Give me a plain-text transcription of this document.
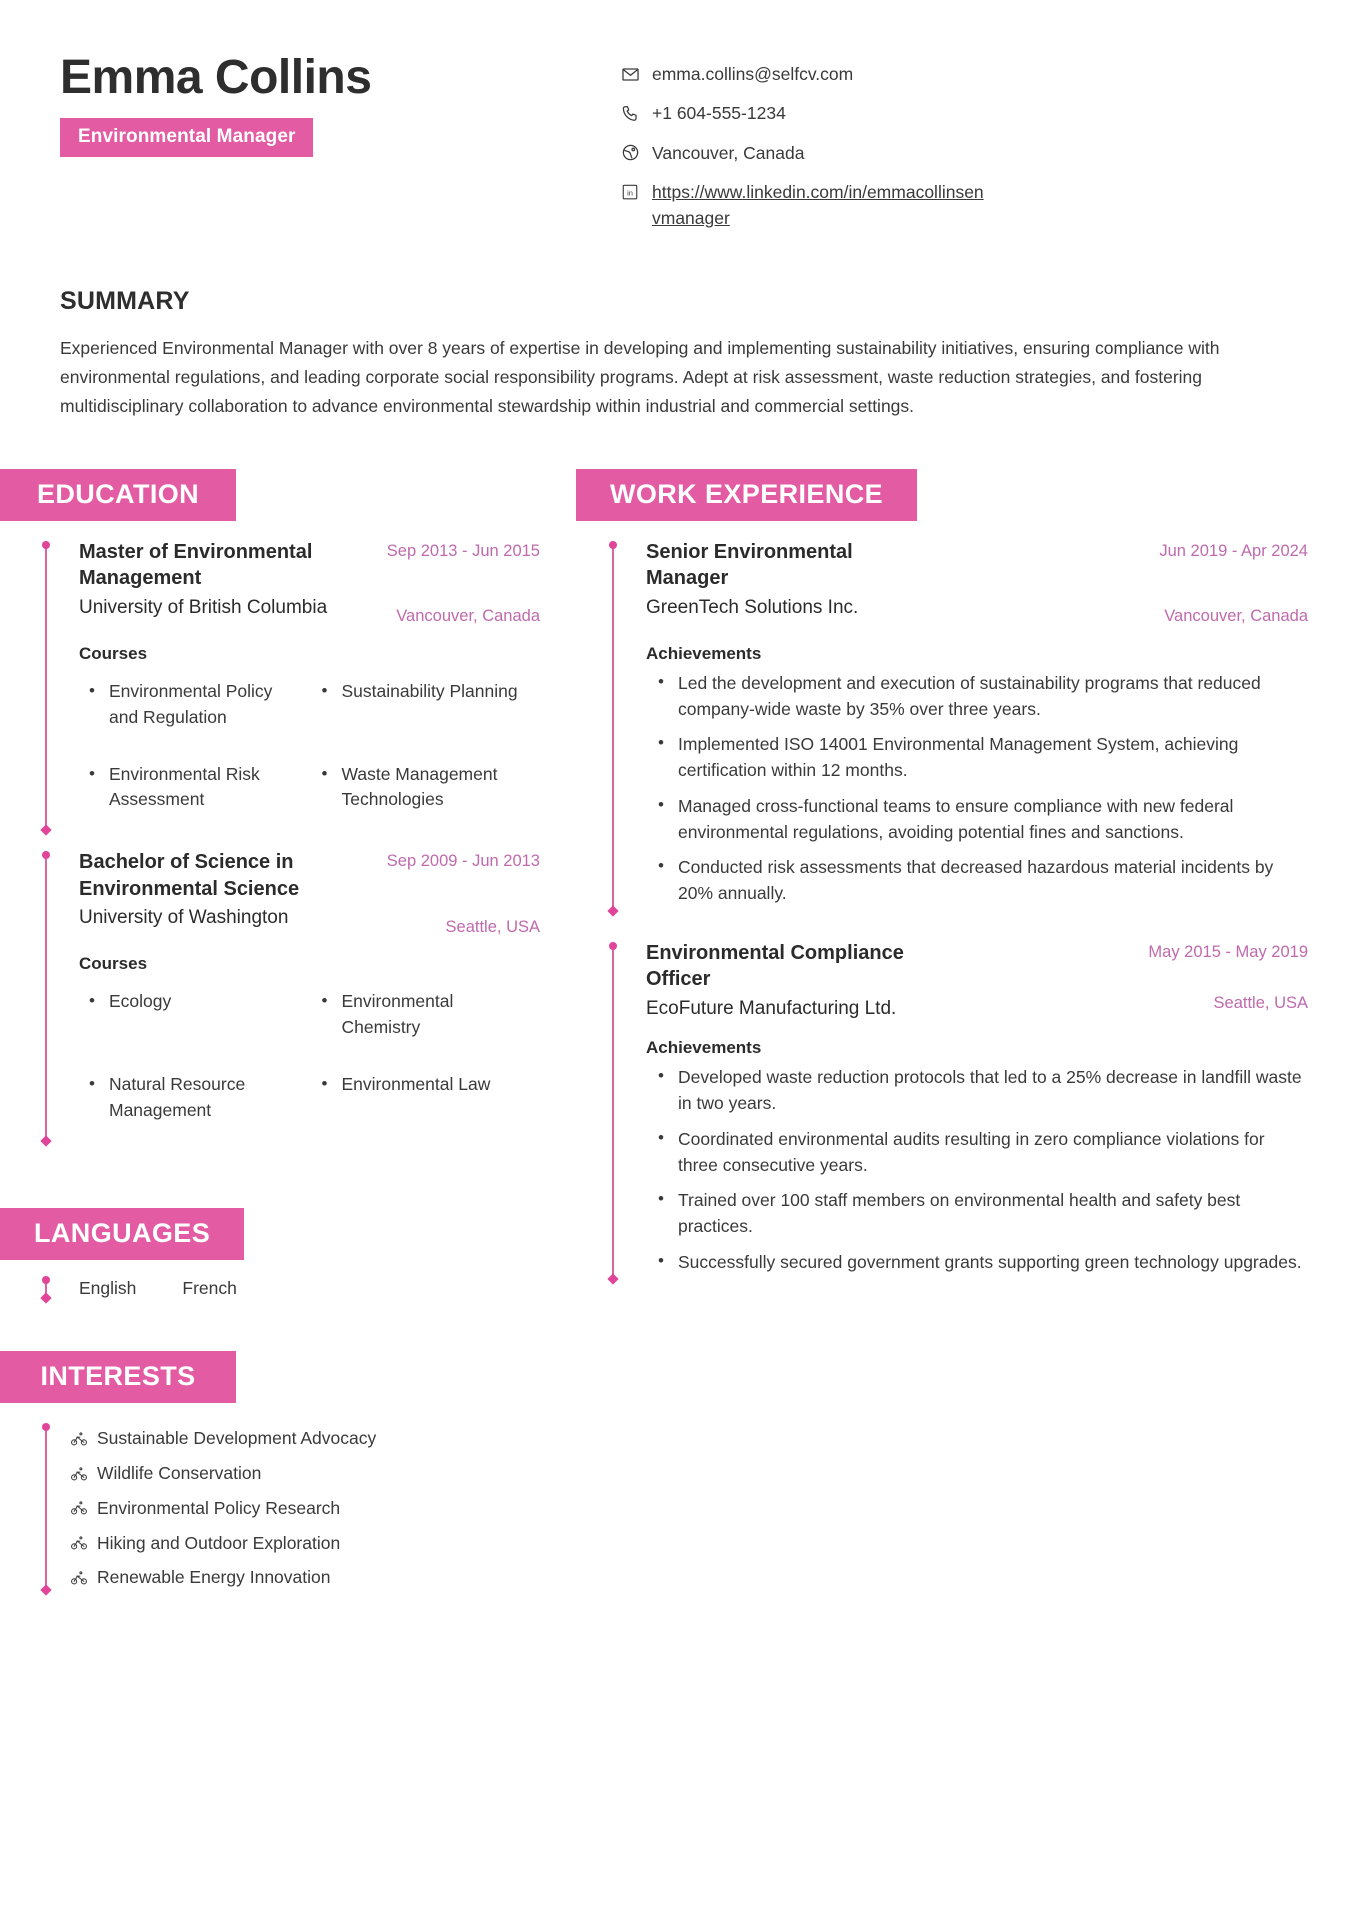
Emma Collins
Environmental Manager
emma.collins@selfcv.com
+1 604-555-1234
Vancouver, Canada
in https://www.linkedin.com/in/emmacollinsenvmanager
SUMMARY
Experienced Environmental Manager with over 8 years of expertise in developing and implementing sustainability initiatives, ensuring compliance with environmental regulations, and leading corporate social responsibility programs. Adept at risk assessment, waste reduction strategies, and fostering multidisciplinary collaboration to advance environmental stewardship within industrial and commercial settings.
EDUCATION
Master of Environmental Management
University of British Columbia
Sep 2013 - Jun 2015
Vancouver, Canada
Courses
• Environmental Policy and Regulation
• Sustainability Planning
• Environmental Risk Assessment
• Waste Management Technologies
Bachelor of Science in Environmental Science
University of Washington
Sep 2009 - Jun 2013
Seattle, USA
Courses
• Ecology	• Environmental Chemistry
• Natural Resource Management
• Environmental Law
LANGUAGES
English	French
INTERESTS
Sustainable Development Advocacy
Wildlife Conservation
Environmental Policy Research
Hiking and Outdoor Exploration
Renewable Energy Innovation
WORK EXPERIENCE
Senior Environmental Manager
GreenTech Solutions Inc.
Jun 2019 - Apr 2024
Vancouver, Canada
Achievements
• Led the development and execution of sustainability programs that reduced company-wide waste by 35% over three years.
• Implemented ISO 14001 Environmental Management System, achieving certification within 12 months.
• Managed cross-functional teams to ensure compliance with new federal environmental regulations, avoiding potential fines and sanctions.
• Conducted risk assessments that decreased hazardous material incidents by 20% annually.
Environmental Compliance Officer
EcoFuture Manufacturing Ltd.
May 2015 - May 2019
Seattle, USA
Achievements
• Developed waste reduction protocols that led to a 25% decrease in landfill waste in two years.
• Coordinated environmental audits resulting in zero compliance violations for three consecutive years.
• Trained over 100 staff members on environmental health and safety best practices.
• Successfully secured government grants supporting green technology upgrades.
